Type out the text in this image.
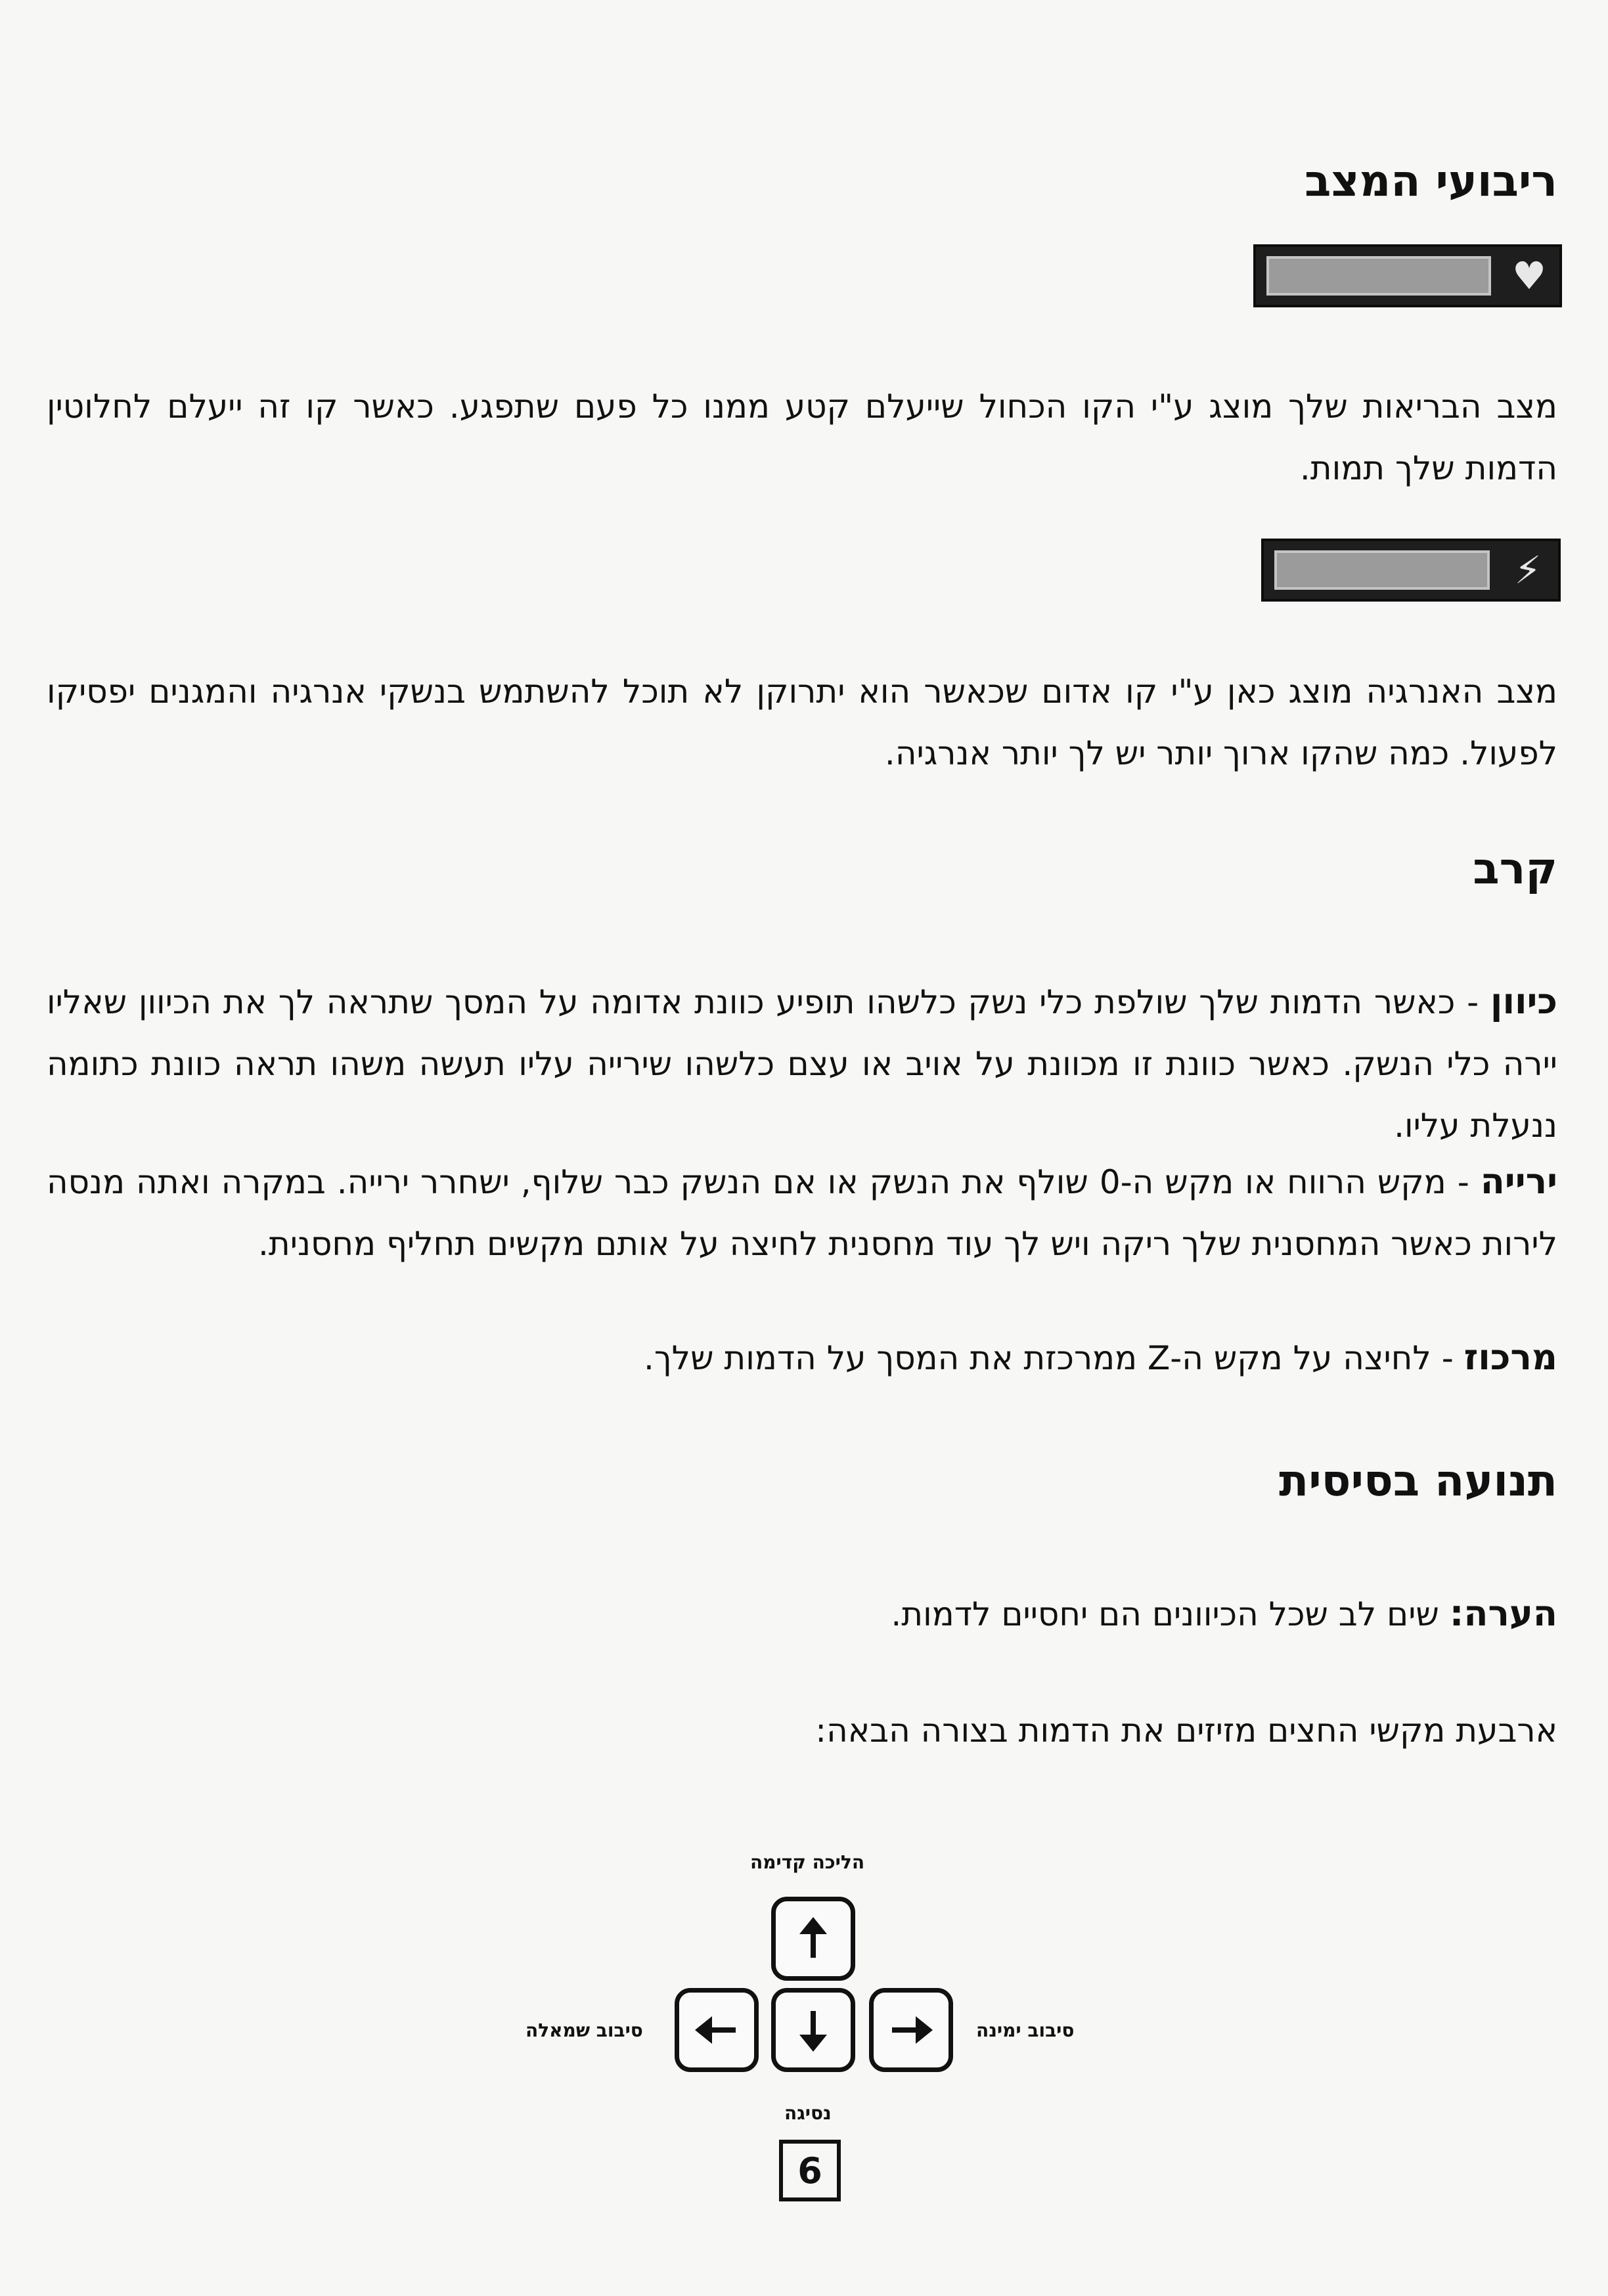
ריבועי המצב
♥

מצב הבריאות שלך מוצג ע"י הקו הכחול שייעלם קטע ממנו כל פעם שתפגע. כאשר קו זה ייעלם לחלוטין הדמות שלך תמות.

⚡︎

מצב האנרגיה מוצג כאן ע"י קו אדום שכאשר הוא יתרוקן לא תוכל להשתמש בנשקי אנרגיה והמגנים יפסיקו לפעול. כמה שהקו ארוך יותר יש לך יותר אנרגיה.

קרב

כיוון - כאשר הדמות שלך שולפת כלי נשק כלשהו תופיע כוונת אדומה על המסך שתראה לך את הכיוון שאליו יירה כלי הנשק. כאשר כוונת זו מכוונת על אויב או עצם כלשהו שירייה עליו תעשה משהו תראה כוונת כתומה ננעלת עליו.

ירייה - מקש הרווח או מקש ה-0 שולף את הנשק או אם הנשק כבר שלוף, ישחרר ירייה. במקרה ואתה מנסה לירות כאשר המחסנית שלך ריקה ויש לך עוד מחסנית לחיצה על אותם מקשים תחליף מחסנית.

מרכוז - לחיצה על מקש ה-Z ממרכזת את המסך על הדמות שלך.

תנועה בסיסית

הערה: שים לב שכל הכיוונים הם יחסיים לדמות.

ארבעת מקשי החצים מזיזים את הדמות בצורה הבאה:

הליכה קדימה
סיבוב שמאלה	סיבוב ימינה
נסיגה
6
